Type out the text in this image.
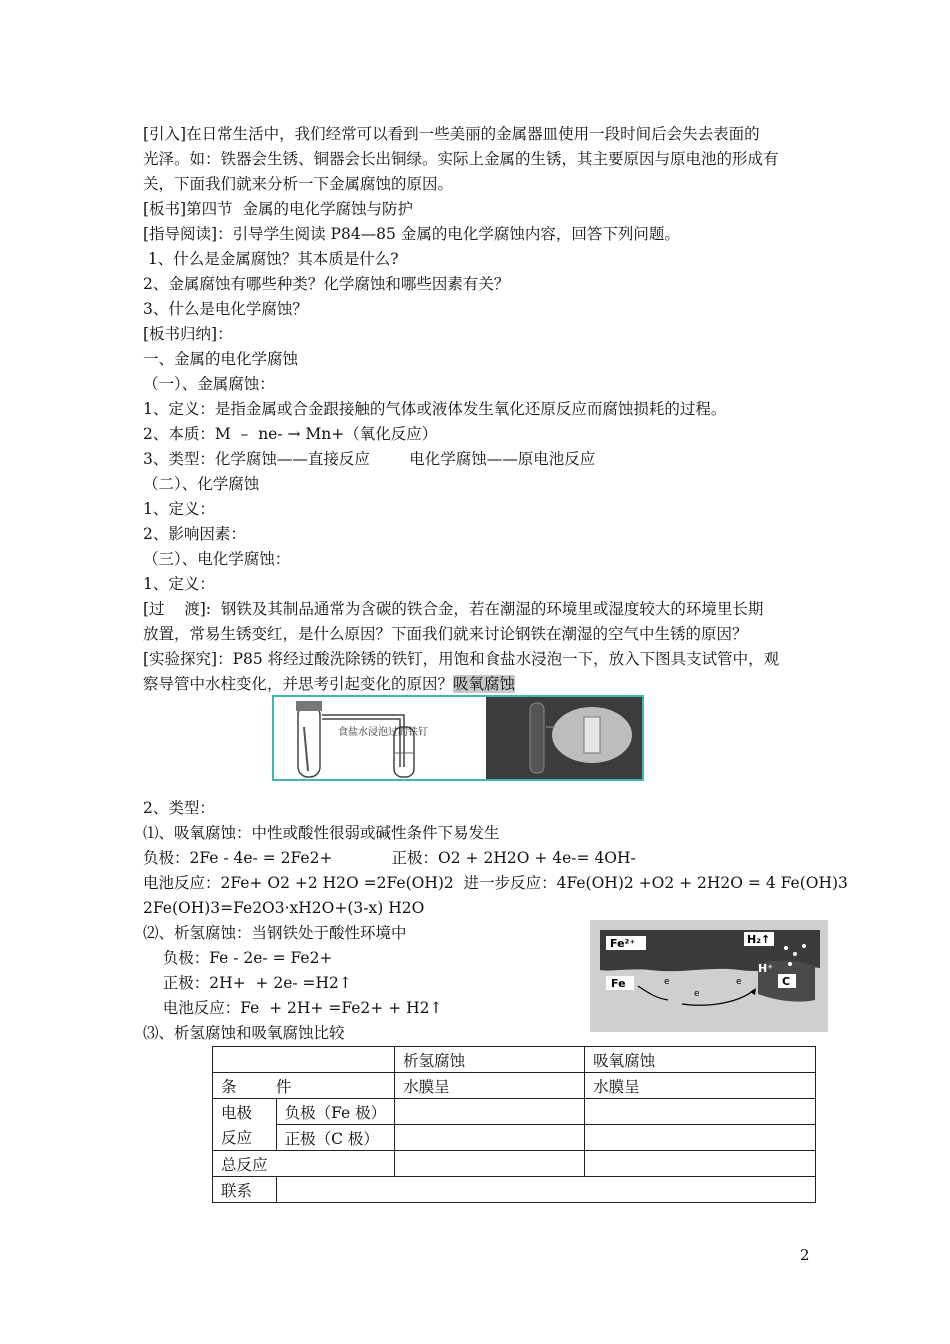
[引入]在日常生活中，我们经常可以看到一些美丽的金属器皿使用一段时间后会失去表面的
光泽。如：铁器会生锈、铜器会长出铜绿。实际上金属的生锈，其主要原因与原电池的形成有
关，下面我们就来分析一下金属腐蚀的原因。
[板书]第四节  金属的电化学腐蚀与防护
[指导阅读]：引导学生阅读 P84—85 金属的电化学腐蚀内容，回答下列问题。
1、什么是金属腐蚀？其本质是什么?
2、金属腐蚀有哪些种类？化学腐蚀和哪些因素有关？
3、什么是电化学腐蚀？
[板书归纳]：
一、金属的电化学腐蚀
（一）、金属腐蚀：
1、定义：是指金属或合金跟接触的气体或液体发生氧化还原反应而腐蚀损耗的过程。
2、本质：M  –  ne- → Mn+（氧化反应）
3、类型：化学腐蚀——直接反应        电化学腐蚀——原电池反应
（二）、化学腐蚀
1、定义：
2、影响因素：
（三）、电化学腐蚀：
1、定义：
[过    渡]:  钢铁及其制品通常为含碳的铁合金，若在潮湿的环境里或湿度较大的环境里长期
放置，常易生锈变红，是什么原因？下面我们就来讨论钢铁在潮湿的空气中生锈的原因？
[实验探究]：P85 将经过酸洗除锈的铁钉，用饱和食盐水浸泡一下，放入下图具支试管中，观
察导管中水柱变化，并思考引起变化的原因？吸氧腐蚀
食盐水浸泡过的铁钉
2、类型：
⑴、吸氧腐蚀：中性或酸性很弱或碱性条件下易发生
负极：2Fe - 4e- = 2Fe2+            正极：O2 + 2H2O + 4e-= 4OH-
电池反应：2Fe+ O2 +2 H2O =2Fe(OH)2  进一步反应：4Fe(OH)2 +O2 + 2H2O = 4 Fe(OH)3
2Fe(OH)3=Fe2O3·xH2O+(3-x) H2O
⑵、析氢腐蚀：当钢铁处于酸性环境中
负极：Fe - 2e- = Fe2+
正极：2H+  + 2e- =H2↑
电池反应：Fe  + 2H+ =Fe2+ + H2↑
⑶、析氢腐蚀和吸氧腐蚀比较
Fe²⁺	H₂↑
H⁺
C
Fe	e
e
e
		析氢腐蚀	吸氧腐蚀
条        件		水膜呈	水膜呈
电极	负极（Fe 极）		
反应	正极（C 极）		
总反应			
联系			
2
